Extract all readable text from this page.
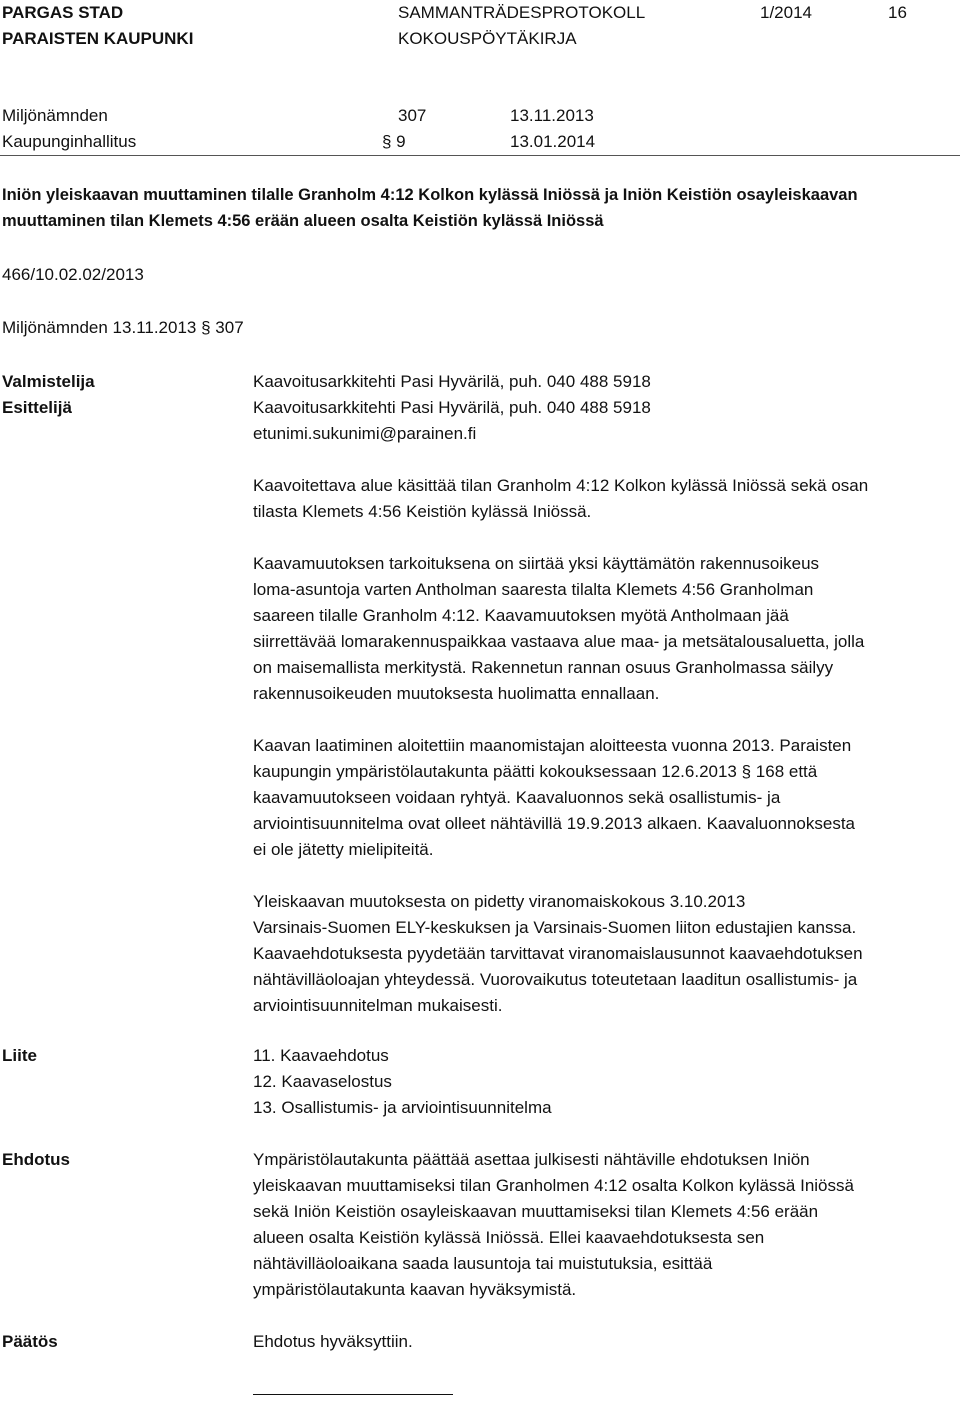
PARGAS STAD
PARAISTEN KAUPUNKI
SAMMANTRÄDESPROTOKOLL
KOKOUSPÖYTÄKIRJA
1/2014	16
Miljönämnden	307	13.11.2013
Kaupunginhallitus	§ 9	13.01.2014
Iniön yleiskaavan muuttaminen tilalle Granholm 4:12 Kolkon kylässä Iniössä ja Iniön Keistiön osayleiskaavan
muuttaminen tilan Klemets 4:56 erään alueen osalta Keistiön kylässä Iniössä
466/10.02.02/2013
Miljönämnden 13.11.2013 § 307
Valmistelija	Kaavoitusarkkitehti Pasi Hyvärilä, puh. 040 488 5918
Esittelijä	Kaavoitusarkkitehti Pasi Hyvärilä, puh. 040 488 5918
etunimi.sukunimi@parainen.fi
Kaavoitettava alue käsittää tilan Granholm 4:12 Kolkon kylässä Iniössä sekä osan
tilasta Klemets 4:56 Keistiön kylässä Iniössä.
Kaavamuutoksen tarkoituksena on siirtää yksi käyttämätön rakennusoikeus
loma-asuntoja varten Antholman saaresta tilalta Klemets 4:56 Granholman
saareen tilalle Granholm 4:12. Kaavamuutoksen myötä Antholmaan jää
siirrettävää lomarakennuspaikkaa vastaava alue maa- ja metsätalousaluetta, jolla
on maisemallista merkitystä. Rakennetun rannan osuus Granholmassa säilyy
rakennusoikeuden muutoksesta huolimatta ennallaan.
Kaavan laatiminen aloitettiin maanomistajan aloitteesta vuonna 2013. Paraisten
kaupungin ympäristölautakunta päätti kokouksessaan 12.6.2013 § 168 että
kaavamuutokseen voidaan ryhtyä. Kaavaluonnos sekä osallistumis- ja
arviointisuunnitelma ovat olleet nähtävillä 19.9.2013 alkaen. Kaavaluonnoksesta
ei ole jätetty mielipiteitä.
Yleiskaavan muutoksesta on pidetty viranomaiskokous 3.10.2013
Varsinais-Suomen ELY-keskuksen ja Varsinais-Suomen liiton edustajien kanssa.
Kaavaehdotuksesta pyydetään tarvittavat viranomaislausunnot kaavaehdotuksen
nähtävilläoloajan yhteydessä. Vuorovaikutus toteutetaan laaditun osallistumis- ja
arviointisuunnitelman mukaisesti.
Liite	11. Kaavaehdotus
12. Kaavaselostus
13. Osallistumis- ja arviointisuunnitelma
Ehdotus	Ympäristölautakunta päättää asettaa julkisesti nähtäville ehdotuksen Iniön
yleiskaavan muuttamiseksi tilan Granholmen 4:12 osalta Kolkon kylässä Iniössä
sekä Iniön Keistiön osayleiskaavan muuttamiseksi tilan Klemets 4:56 erään
alueen osalta Keistiön kylässä Iniössä. Ellei kaavaehdotuksesta sen
nähtävilläoloaikana saada lausuntoja tai muistutuksia, esittää
ympäristölautakunta kaavan hyväksymistä.
Päätös	Ehdotus hyväksyttiin.
